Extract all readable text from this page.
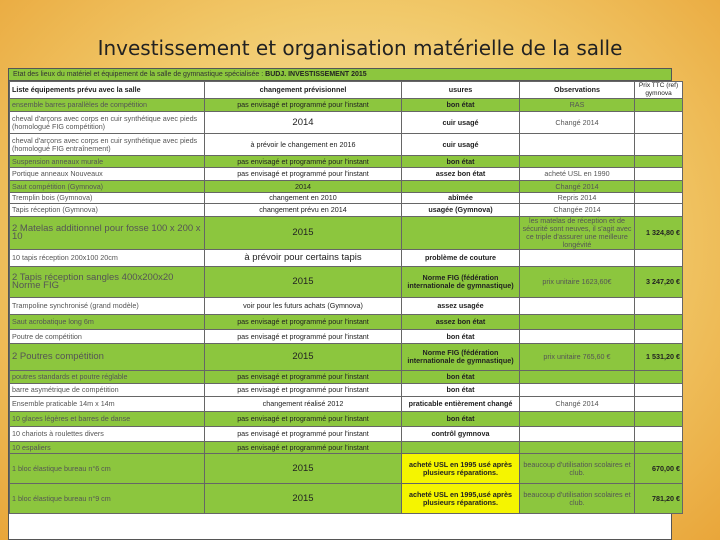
Investissement et organisation matérielle de la salle
Etat des lieux du matériel et équipement de la salle de gymnastique spécialisée : BUDJ. INVESTISSEMENT 2015
Liste équipements prévu avec la salle	changement prévisionnel	usures	Observations	Prix TTC (ref) gymnova
ensemble barres parallèles de compétition	pas envisagé et programmé pour l'instant	bon état	RAS	
cheval d'arçons avec corps en cuir synthétique avec pieds (homologué FIG compétition)	2014	cuir usagé	Changé 2014	
cheval d'arçons avec corps en cuir synthétique avec pieds (homologué FIG entraînement)	à prévoir le changement en 2016	cuir usagé		
Suspension anneaux murale	pas envisagé et programmé pour l'instant	bon état		
Portique anneaux Nouveaux	pas envisagé et programmé pour l'instant	assez bon état	acheté USL en 1990	
Saut compétition (Gymnova)	2014		Changé 2014	
Tremplin bois (Gymnova)	changement en 2010	abîmée	Repris 2014	
Tapis réception (Gymnova)	changement prévu en 2014	usagée (Gymnova)	Changée 2014	
2 Matelas additionnel pour fosse 100 x 200 x 10	2015		les matelas de réception et de sécurité sont neuves, il s'agit avec ce triple d'assurer une meilleure longévité	1 324,80 €
10 tapis réception 200x100 20cm	à prévoir pour certains tapis	problème de couture		
2 Tapis réception sangles 400x200x20 Norme FIG	2015	Norme FIG (fédération internationale de gymnastique)	prix unitaire 1623,60€	3 247,20 €
Trampoline synchronisé (grand modèle)	voir pour les futurs achats (Gymnova)	assez usagée		
Saut acrobatique long 6m	pas envisagé et programmé pour l'instant	assez bon état		
Poutre de compétition	pas envisagé et programmé pour l'instant	bon état		
2 Poutres compétition	2015	Norme FIG (fédération internationale de gymnastique)	prix unitaire 765,60 €	1 531,20 €
poutres standards et poutre réglable	pas envisagé et programmé pour l'instant	bon état		
barre asymétrique de compétition	pas envisagé et programmé pour l'instant	bon état		
Ensemble praticable 14m x 14m	changement réalisé 2012	praticable entièrement changé	Changé 2014	
10 glaces légères et barres de danse	pas envisagé et programmé pour l'instant	bon état		
10 chariots à roulettes divers	pas envisagé et programmé pour l'instant	contrôl gymnova		
10 espaliers	pas envisagé et programmé pour l'instant			
1 bloc élastique bureau n°6 cm	2015	acheté USL en 1995 usé après plusieurs réparations.	beaucoup d'utilisation scolaires et club.	670,00 €
1 bloc élastique bureau n°9 cm	2015	acheté USL en 1995,usé après plusieurs réparations.	beaucoup d'utilisation scolaires et club.	781,20 €
